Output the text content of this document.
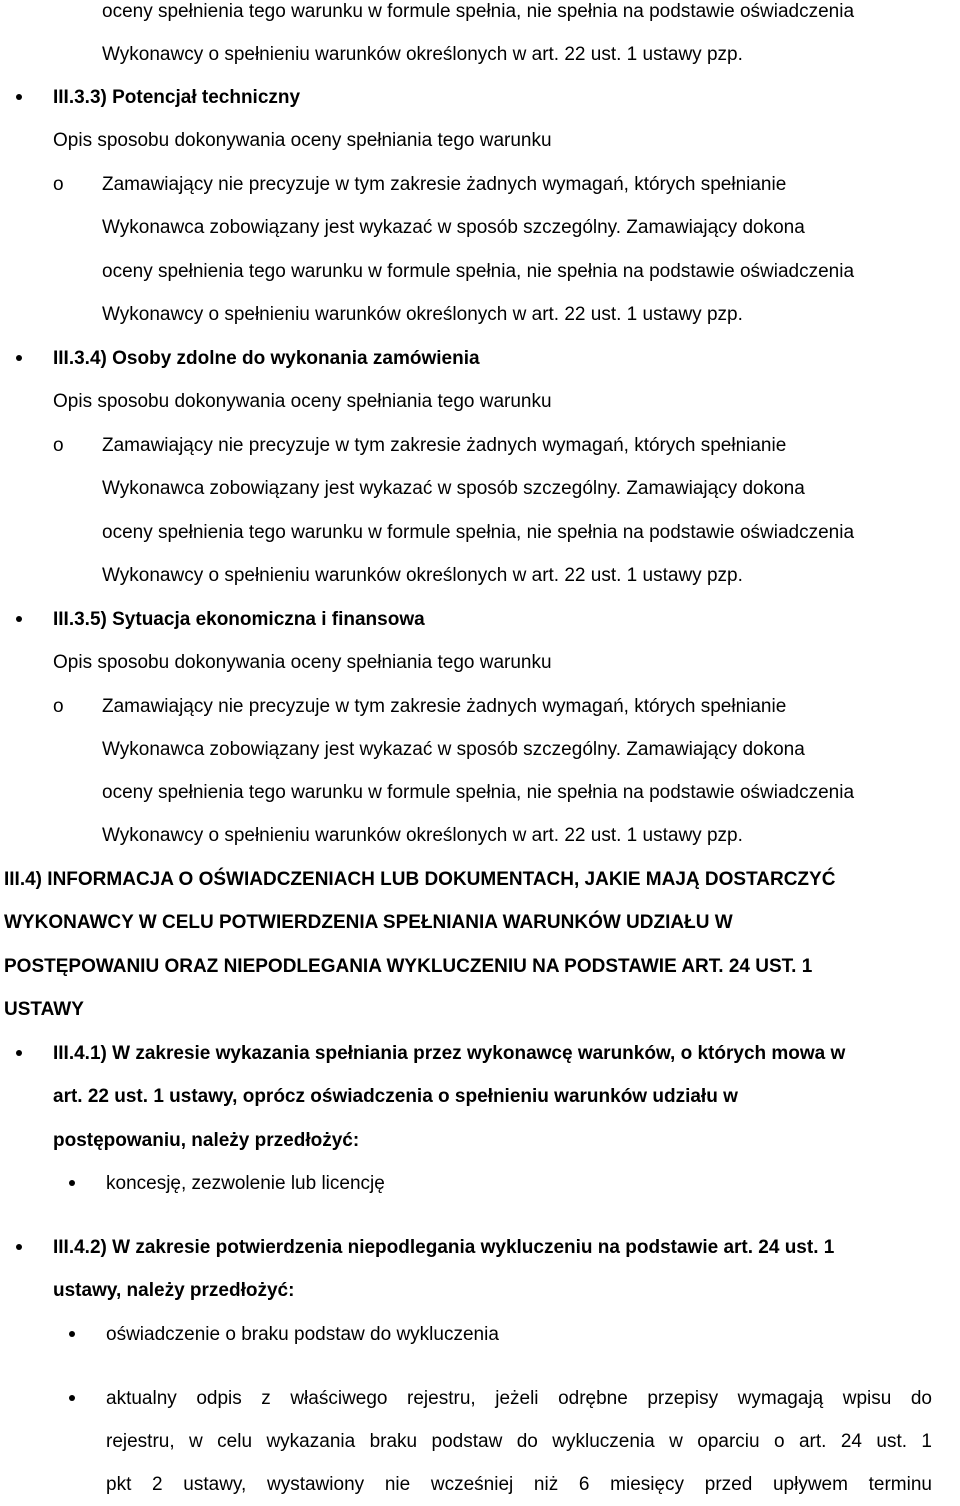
oceny spełnienia tego warunku w formule spełnia, nie spełnia na podstawie oświadczenia
Wykonawcy o spełnieniu warunków określonych w art. 22 ust. 1 ustawy pzp.
III.3.3) Potencjał techniczny
Opis sposobu dokonywania oceny spełniania tego warunku
o Zamawiający nie precyzuje w tym zakresie żadnych wymagań, których spełnianie
Wykonawca zobowiązany jest wykazać w sposób szczególny. Zamawiający dokona
oceny spełnienia tego warunku w formule spełnia, nie spełnia na podstawie oświadczenia
Wykonawcy o spełnieniu warunków określonych w art. 22 ust. 1 ustawy pzp.
III.3.4) Osoby zdolne do wykonania zamówienia
Opis sposobu dokonywania oceny spełniania tego warunku
o Zamawiający nie precyzuje w tym zakresie żadnych wymagań, których spełnianie
Wykonawca zobowiązany jest wykazać w sposób szczególny. Zamawiający dokona
oceny spełnienia tego warunku w formule spełnia, nie spełnia na podstawie oświadczenia
Wykonawcy o spełnieniu warunków określonych w art. 22 ust. 1 ustawy pzp.
III.3.5) Sytuacja ekonomiczna i finansowa
Opis sposobu dokonywania oceny spełniania tego warunku
o Zamawiający nie precyzuje w tym zakresie żadnych wymagań, których spełnianie
Wykonawca zobowiązany jest wykazać w sposób szczególny. Zamawiający dokona
oceny spełnienia tego warunku w formule spełnia, nie spełnia na podstawie oświadczenia
Wykonawcy o spełnieniu warunków określonych w art. 22 ust. 1 ustawy pzp.
III.4) INFORMACJA O OŚWIADCZENIACH LUB DOKUMENTACH, JAKIE MAJĄ DOSTARCZYĆ
WYKONAWCY W CELU POTWIERDZENIA SPEŁNIANIA WARUNKÓW UDZIAŁU W
POSTĘPOWANIU ORAZ NIEPODLEGANIA WYKLUCZENIU NA PODSTAWIE ART. 24 UST. 1
USTAWY
III.4.1) W zakresie wykazania spełniania przez wykonawcę warunków, o których mowa w
art. 22 ust. 1 ustawy, oprócz oświadczenia o spełnieniu warunków udziału w
postępowaniu, należy przedłożyć:
koncesję, zezwolenie lub licencję
III.4.2) W zakresie potwierdzenia niepodlegania wykluczeniu na podstawie art. 24 ust. 1
ustawy, należy przedłożyć:
oświadczenie o braku podstaw do wykluczenia
aktualny odpis z właściwego rejestru, jeżeli odrębne przepisy wymagają wpisu do
rejestru, w celu wykazania braku podstaw do wykluczenia w oparciu o art. 24 ust. 1
pkt 2 ustawy, wystawiony nie wcześniej niż 6 miesięcy przed upływem terminu
